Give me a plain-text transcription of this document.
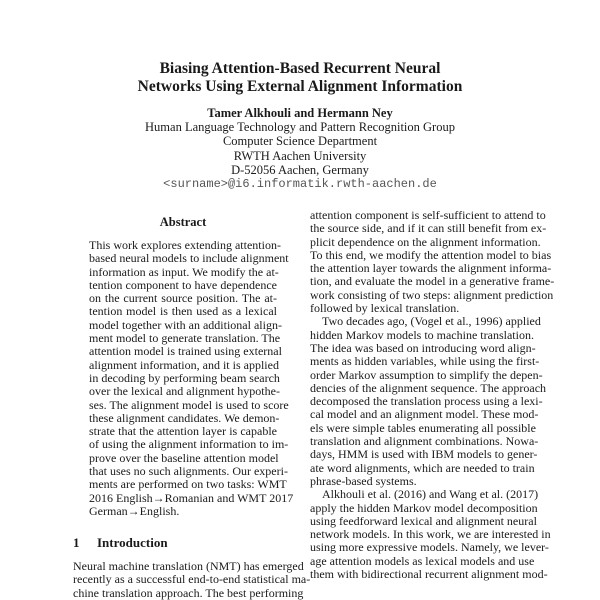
Biasing Attention-Based Recurrent Neural
Networks Using External Alignment Information
Tamer Alkhouli and Hermann Ney
Human Language Technology and Pattern Recognition Group
Computer Science Department
RWTH Aachen University
D-52056 Aachen, Germany
<surname>@i6.informatik.rwth-aachen.de
Abstract
This work explores extending attention-
based neural models to include alignment
information as input. We modify the at-
tention component to have dependence
on the current source position. The at-
tention model is then used as a lexical
model together with an additional align-
ment model to generate translation. The
attention model is trained using external
alignment information, and it is applied
in decoding by performing beam search
over the lexical and alignment hypothe-
ses. The alignment model is used to score
these alignment candidates. We demon-
strate that the attention layer is capable
of using the alignment information to im-
prove over the baseline attention model
that uses no such alignments. Our experi-
ments are performed on two tasks: WMT
2016 English→Romanian and WMT 2017
German→English.
1 Introduction
Neural machine translation (NMT) has emerged
recently as a successful end-to-end statistical ma-
chine translation approach. The best performing
attention component is self-sufficient to attend to
the source side, and if it can still benefit from ex-
plicit dependence on the alignment information.
To this end, we modify the attention model to bias
the attention layer towards the alignment informa-
tion, and evaluate the model in a generative frame-
work consisting of two steps: alignment prediction
followed by lexical translation.
Two decades ago, (Vogel et al., 1996) applied
hidden Markov models to machine translation.
The idea was based on introducing word align-
ments as hidden variables, while using the first-
order Markov assumption to simplify the depen-
dencies of the alignment sequence. The approach
decomposed the translation process using a lexi-
cal model and an alignment model. These mod-
els were simple tables enumerating all possible
translation and alignment combinations. Nowa-
days, HMM is used with IBM models to gener-
ate word alignments, which are needed to train
phrase-based systems.
Alkhouli et al. (2016) and Wang et al. (2017)
apply the hidden Markov model decomposition
using feedforward lexical and alignment neural
network models. In this work, we are interested in
using more expressive models. Namely, we lever-
age attention models as lexical models and use
them with bidirectional recurrent alignment mod-
